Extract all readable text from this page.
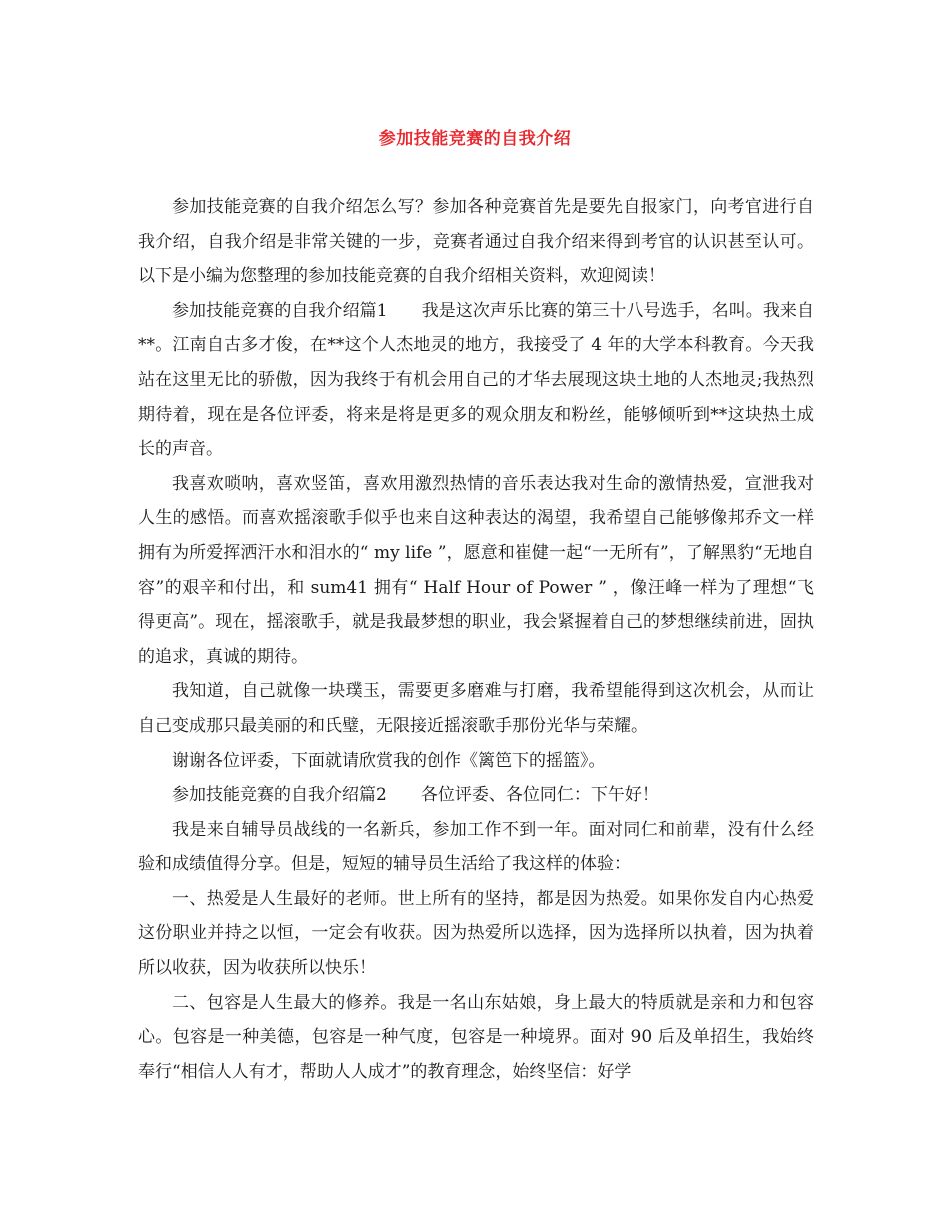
参加技能竞赛的自我介绍

参加技能竞赛的自我介绍怎么写？参加各种竞赛首先是要先自报家门，向考官进行自我介绍，自我介绍是非常关键的一步，竞赛者通过自我介绍来得到考官的认识甚至认可。以下是小编为您整理的参加技能竞赛的自我介绍相关资料，欢迎阅读！

参加技能竞赛的自我介绍篇1　　我是这次声乐比赛的第三十八号选手，名叫。我来自**。江南自古多才俊，在**这个人杰地灵的地方，我接受了 4 年的大学本科教育。今天我站在这里无比的骄傲，因为我终于有机会用自己的才华去展现这块土地的人杰地灵;我热烈期待着，现在是各位评委，将来是将是更多的观众朋友和粉丝，能够倾听到**这块热土成长的声音。

我喜欢唢呐，喜欢竖笛，喜欢用激烈热情的音乐表达我对生命的激情热爱，宣泄我对人生的感悟。而喜欢摇滚歌手似乎也来自这种表达的渴望，我希望自己能够像邦乔文一样拥有为所爱挥洒汗水和泪水的“ my life ”，愿意和崔健一起“一无所有”，了解黑豹“无地自容”的艰辛和付出，和 sum41 拥有“ Half Hour of Power ” ，像汪峰一样为了理想“飞得更高”。现在，摇滚歌手，就是我最梦想的职业，我会紧握着自己的梦想继续前进，固执的追求，真诚的期待。

我知道，自己就像一块璞玉，需要更多磨难与打磨，我希望能得到这次机会，从而让自己变成那只最美丽的和氏璧，无限接近摇滚歌手那份光华与荣耀。

谢谢各位评委，下面就请欣赏我的创作《篱笆下的摇篮》。

参加技能竞赛的自我介绍篇2　　各位评委、各位同仁：下午好！

我是来自辅导员战线的一名新兵，参加工作不到一年。面对同仁和前辈，没有什么经验和成绩值得分享。但是，短短的辅导员生活给了我这样的体验：

一、热爱是人生最好的老师。世上所有的坚持，都是因为热爱。如果你发自内心热爱这份职业并持之以恒，一定会有收获。因为热爱所以选择，因为选择所以执着，因为执着所以收获，因为收获所以快乐！

二、包容是人生最大的修养。我是一名山东姑娘，身上最大的特质就是亲和力和包容心。包容是一种美德，包容是一种气度，包容是一种境界。面对 90 后及单招生，我始终奉行“相信人人有才，帮助人人成才”的教育理念，始终坚信：好学
